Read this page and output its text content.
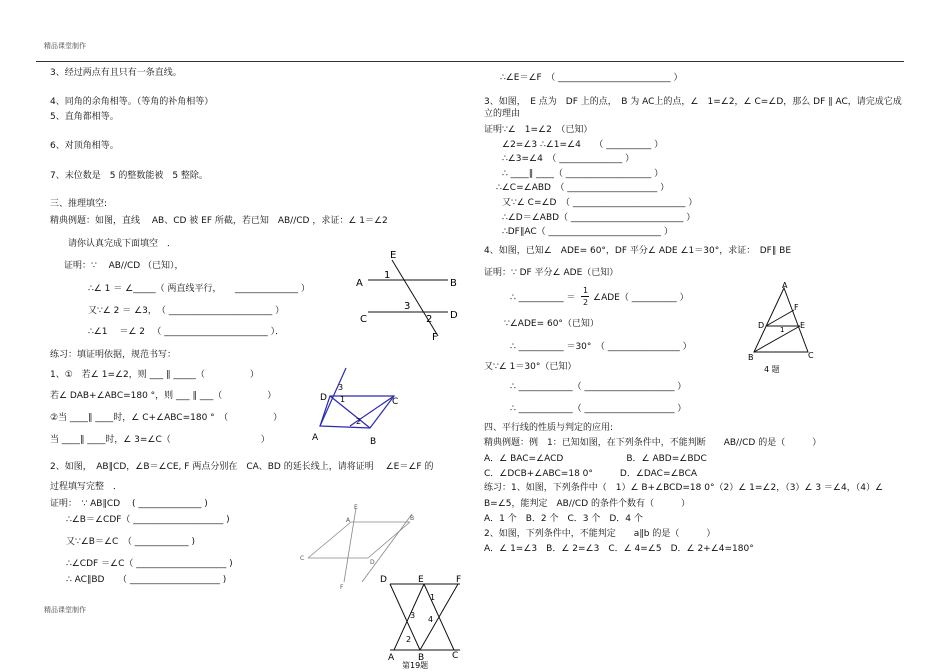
精品课堂制作
精品课堂制作
3、经过两点有且只有一条直线。
4、同角的余角相等。（等角的补角相等）
5、直角都相等。
6、对顶角相等。
7、末位数是　5 的整数能被　5 整除。
三、推理填空:
精典例题：如图，直线　 AB、CD 被 EF 所截，若已知　AB//CD ，求证：∠ 1＝∠2
请你认真完成下面填空　．
证明：∵　 AB//CD （已知），
∴∠ 1 ＝ ∠_____（ 两直线平行，　　______________ ）
又∵∠ 2 ＝ ∠3，　（ _______________________ ）
∴∠1 　＝∠ 2 　（ _______________________ ）．
练习：填证明依据，规范书写：
1、①　若∠ 1=∠2，则 ___ ∥ _____（　　　　　）
若∠ DAB+∠ABC=180 °，则 ___ ∥ ___（　　　　　）
②当 ____∥ ____时，∠ C+∠ABC=180 °　（　　　　　）
当 ____∥ ____时，∠ 3=∠C（　　　　　　　　　　）
2、如图，　AB∥CD，∠B＝∠CE, F 两点分别在　CA、BD 的延长线上，请将证明　 ∠E＝∠F 的
过程填写完整　．
证明：　∵ AB∥CD 　( ______________ )
∴∠B＝∠CDF（ ____________________ )
又∵∠B＝∠C　（ ____________ )
∴∠CDF ＝∠C（ ____________________ )
∴ AC∥BD　　（ ____________________ )
∴∠E＝∠F　（ _________________________ ）
3、如图，　E 点为　DF 上的点，　B 为 AC上的点，∠　1=∠2，∠ C=∠D，那么 DF ∥ AC，请完成它成
立的理由
证明∵∠　1=∠2　（已知）
∠2=∠3 ∴∠1=∠4　　（ __________ ）
∴∠3=∠4　（ ______________ ）
∴ ____∥ ____（ ___________________ ）
∴∠C=∠ABD　（ ____________________ ）
又∵∠ C=∠D　（ _________________________ ）
∴∠D＝∠ABD（ _________________________ ）
∴DF∥AC（ _________________________ ）
4、如图，已知∠　ADE= 60°，DF 平分∠ ADE ∠1＝30°，求证：　DF∥ BE
证明：∵ DF 平分∠ ADE（已知）
∴ __________ ＝
1
2 ∠ADE（ __________ ）
∵∠ADE= 60°（已知）
∴ __________ ＝30°　（ ________________ ）
又∵∠ 1＝30°（已知）
∴ ____________（ ____________________ ）
∴ ____________（ ____________________ ）
四、平行线的性质与判定的应用:
精典例题：例　1：已知如图，在下列条件中，不能判断　　AB//CD 的是（　　　）
A．∠ BAC=∠ACD　　　　　　　B．∠ ABD=∠BDC
C．∠DCB+∠ABC=18 0°　　　D．∠DAC=∠BCA
练习：1、如图，下列条件中（　1）∠ B+∠BCD=18 0°（2）∠ 1=∠2，（3）∠ 3 ＝∠4，（4）∠
B=∠5，能判定　AB//CD 的条件个数有（　　　）
A．1 个　B．2 个　C．3 个　D．4 个
2、如图，下列条件中，不能判定　　a∥b 的是（　　　）
A．∠ 1=∠3　B．∠ 2=∠3　C．∠ 4=∠5　D．∠ 2+∠4=180°
E
A	B
C	D
F
1
3
2
3
1
2
D	C
A	B
E
A	B
C
D
F
A
F
D	E
1
B	C
4 题
D	E	F
1
3 4
2
A	B	C
第19题
